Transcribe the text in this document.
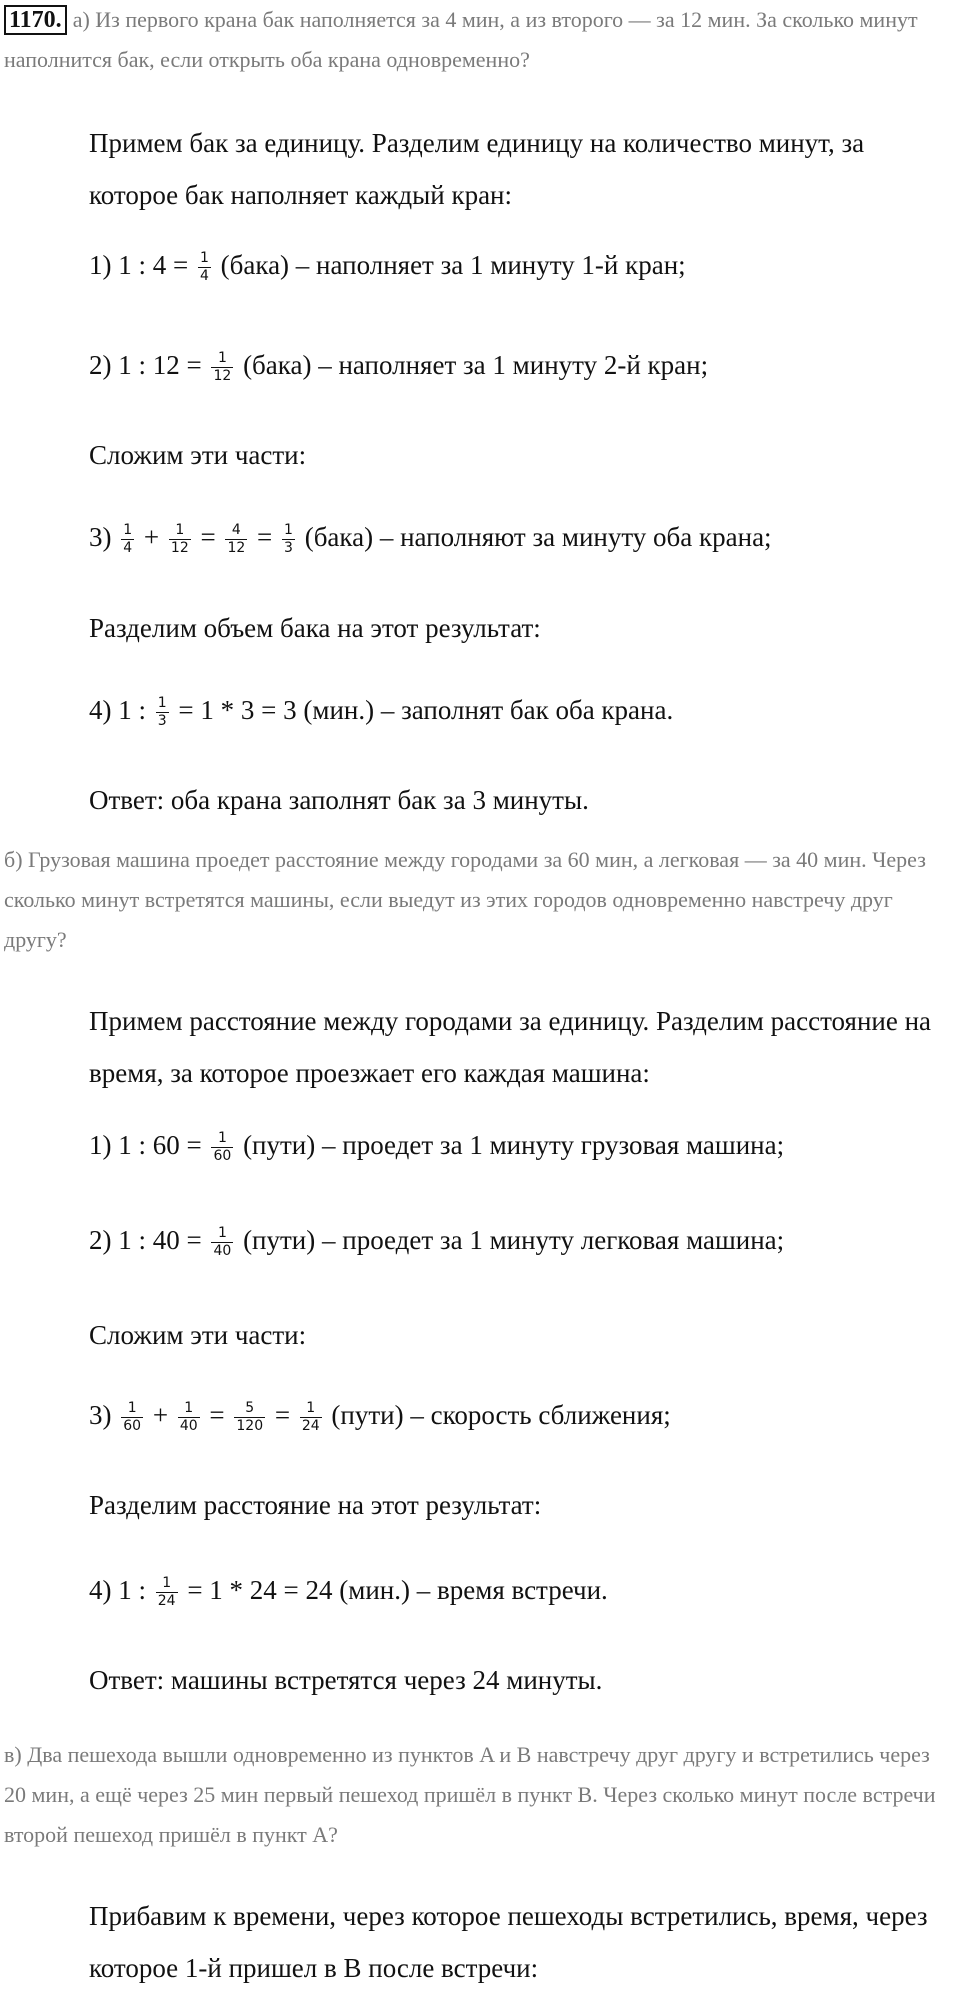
1170. а) Из первого крана бак наполняется за 4 мин, а из второго — за 12 мин. За сколько минут наполнится бак, если открыть оба крана одновременно?
Примем бак за единицу. Разделим единицу на количество минут, за которое бак наполняет каждый кран:
1) 1 : $4 = \frac{1}{4}$ (бака) – наполняет за 1 минуту 1-й кран;
2) 1 : $12 = \frac{1}{12}$ (бака) – наполняет за 1 минуту 2-й кран;
Сложим эти части:
$3) \frac{1}{4} + \frac{1}{12} = \frac{4}{12} = \frac{1}{3}$ (бака) – наполняют за минуту оба крана;
Разделим объем бака на этот результат:
4) 1 : $\frac{1}{3} = 1 * 3 = 3$ (мин.) – заполнят бак оба крана.
Ответ: оба крана заполнят бак за 3 минуты.
б) Грузовая машина проедет расстояние между городами за 60 мин, а легковая — за 40 мин. Через сколько минут встретятся машины, если выедут из этих городов одновременно навстречу друг другу?
Примем расстояние между городами за единицу. Разделим расстояние на время, за которое проезжает его каждая машина:
1) 1 : $60 = \frac{1}{60}$ (пути) – проедет за 1 минуту грузовая машина;
2) 1 : $40 = \frac{1}{40}$ (пути) – проедет за 1 минуту легковая машина;
Сложим эти части:
$3) \frac{1}{60} + \frac{1}{40} = \frac{5}{120} = \frac{1}{24}$ (пути) – скорость сближения;
Разделим расстояние на этот результат:
4) 1 : $\frac{1}{24} = 1 * 24 = 24$ (мин.) – время встречи.
Ответ: машины встретятся через 24 минуты.
в) Два пешехода вышли одновременно из пунктов A и B навстречу друг другу и встретились через 20 мин, а ещё через 25 мин первый пешеход пришёл в пункт B. Через сколько минут после встречи второй пешеход пришёл в пункт A?
Прибавим к времени, через которое пешеходы встретились, время, через которое 1-й пришел в B после встречи:
